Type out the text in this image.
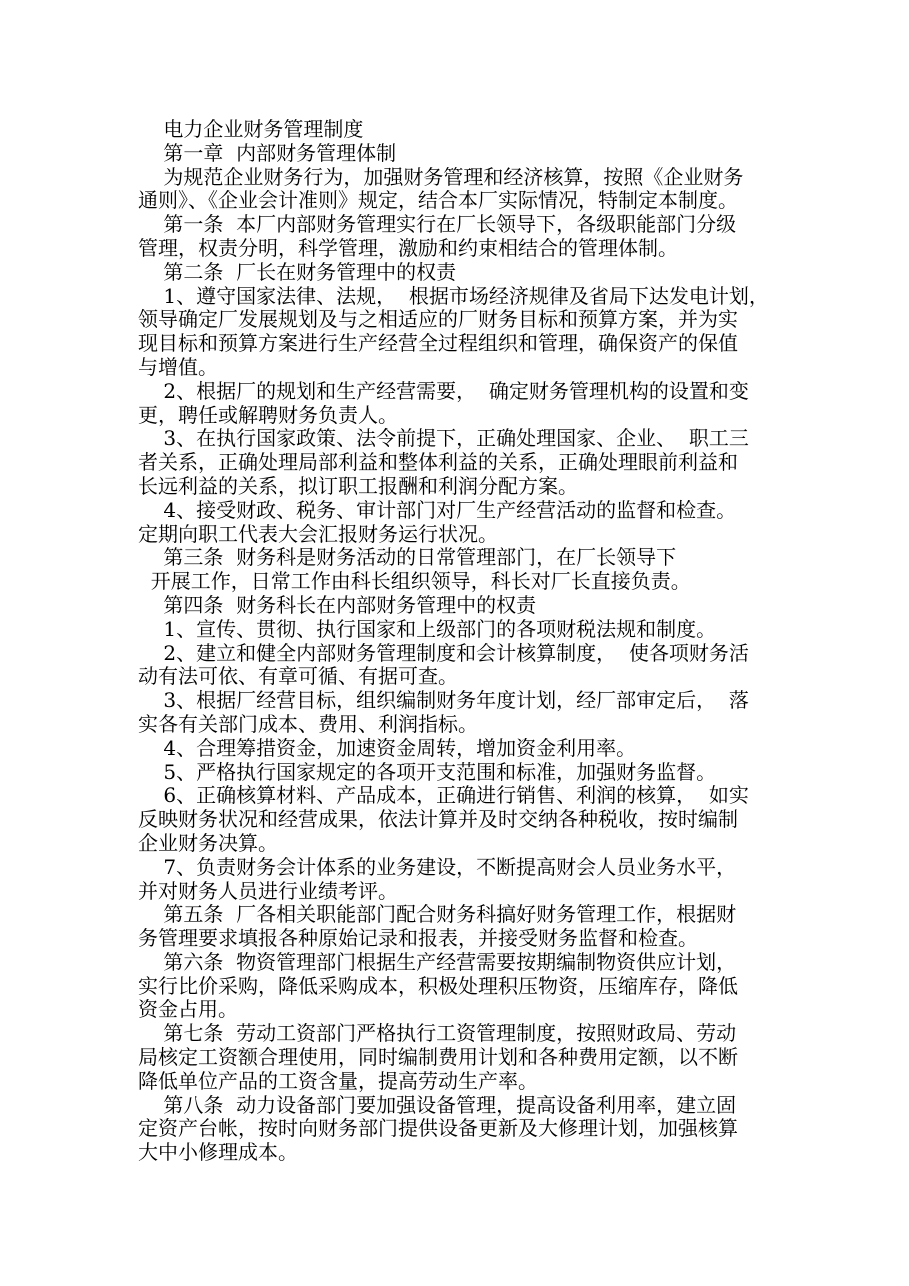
电力企业财务管理制度
第一章  内部财务管理体制
为规范企业财务行为，加强财务管理和经济核算，按照《企业财务
通则》、《企业会计准则》规定，结合本厂实际情况，特制定本制度。
第一条  本厂内部财务管理实行在厂长领导下，各级职能部门分级
管理，权责分明，科学管理，激励和约束相结合的管理体制。
第二条  厂长在财务管理中的权责
1、遵守国家法律、法规，  根据市场经济规律及省局下达发电计划，
领导确定厂发展规划及与之相适应的厂财务目标和预算方案，并为实
现目标和预算方案进行生产经营全过程组织和管理，确保资产的保值
与增值。
2、根据厂的规划和生产经营需要，  确定财务管理机构的设置和变
更，聘任或解聘财务负责人。
3、在执行国家政策、法令前提下，正确处理国家、企业、  职工三
者关系，正确处理局部利益和整体利益的关系，正确处理眼前利益和
长远利益的关系，拟订职工报酬和利润分配方案。
4、接受财政、税务、审计部门对厂生产经营活动的监督和检查。
定期向职工代表大会汇报财务运行状况。
第三条  财务科是财务活动的日常管理部门，在厂长领导下
开展工作，日常工作由科长组织领导，科长对厂长直接负责。
第四条  财务科长在内部财务管理中的权责
1、宣传、贯彻、执行国家和上级部门的各项财税法规和制度。
2、建立和健全内部财务管理制度和会计核算制度，  使各项财务活
动有法可依、有章可循、有据可查。
3、根据厂经营目标，组织编制财务年度计划，经厂部审定后，  落
实各有关部门成本、费用、利润指标。
4、合理筹措资金，加速资金周转，增加资金利用率。
5、严格执行国家规定的各项开支范围和标准，加强财务监督。
6、正确核算材料、产品成本，正确进行销售、利润的核算，  如实
反映财务状况和经营成果，依法计算并及时交纳各种税收，按时编制
企业财务决算。
7、负责财务会计体系的业务建设，不断提高财会人员业务水平，
并对财务人员进行业绩考评。
第五条  厂各相关职能部门配合财务科搞好财务管理工作，根据财
务管理要求填报各种原始记录和报表，并接受财务监督和检查。
第六条  物资管理部门根据生产经营需要按期编制物资供应计划，
实行比价采购，降低采购成本，积极处理积压物资，压缩库存，降低
资金占用。
第七条  劳动工资部门严格执行工资管理制度，按照财政局、劳动
局核定工资额合理使用，同时编制费用计划和各种费用定额，以不断
降低单位产品的工资含量，提高劳动生产率。
第八条  动力设备部门要加强设备管理，提高设备利用率，建立固
定资产台帐，按时向财务部门提供设备更新及大修理计划，加强核算
大中小修理成本。
